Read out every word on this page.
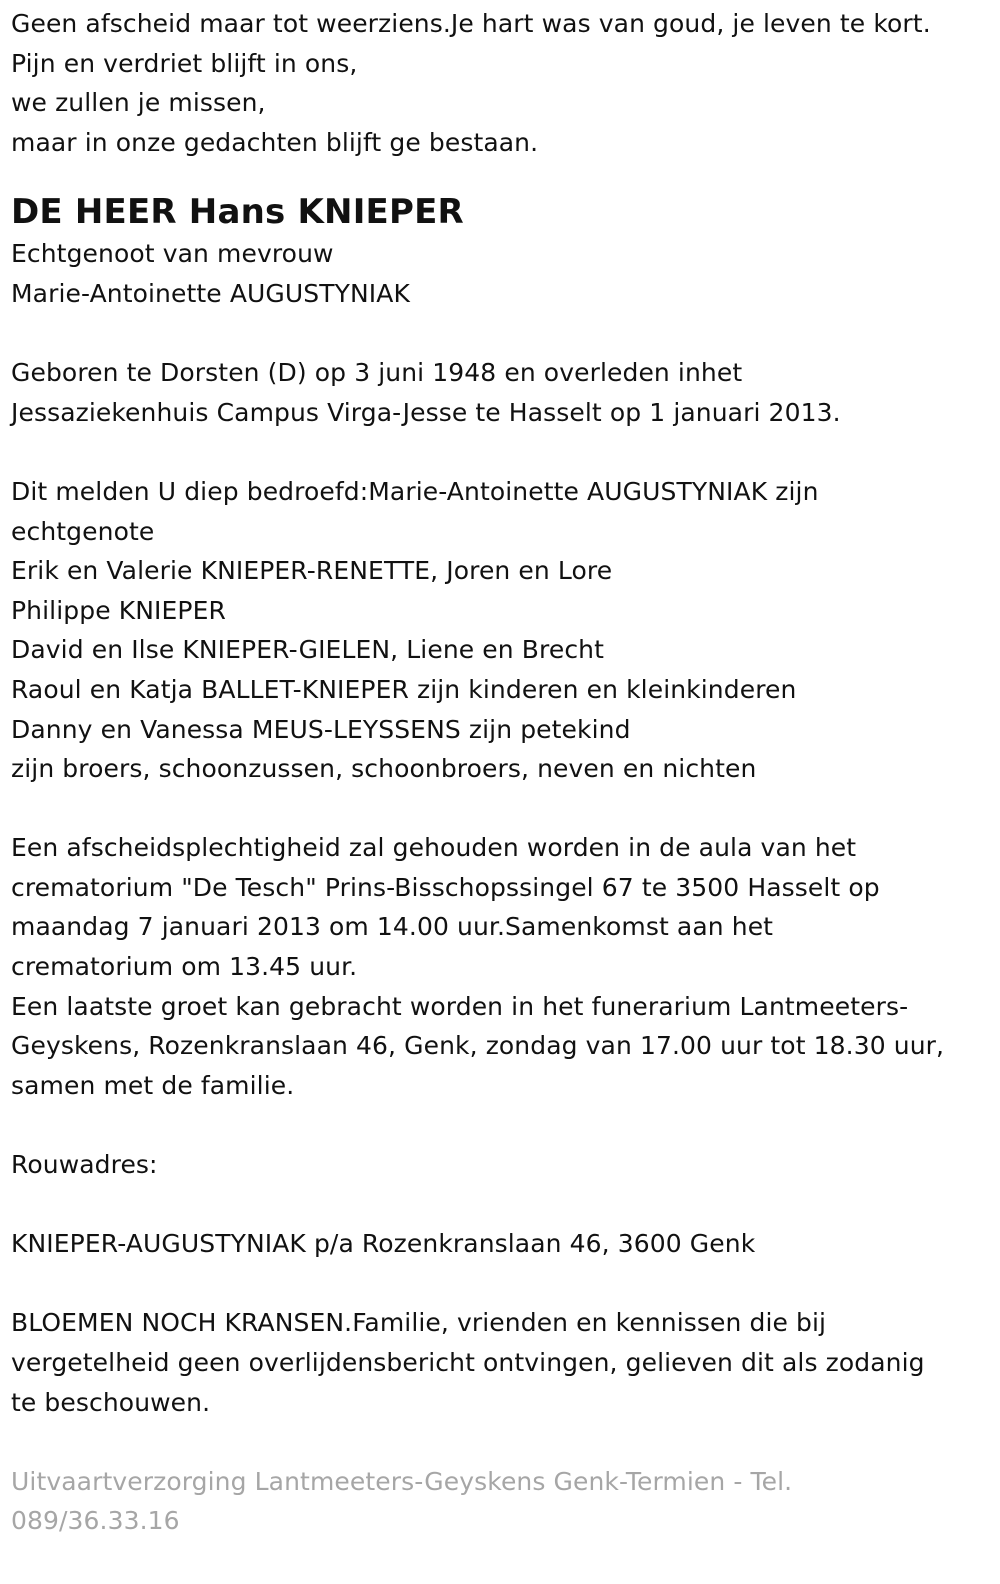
Geen afscheid maar tot weerziens.Je hart was van goud, je leven te kort.
Pijn en verdriet blijft in ons,
we zullen je missen,
maar in onze gedachten blijft ge bestaan.
DE HEER Hans KNIEPER
Echtgenoot van mevrouw
Marie-Antoinette AUGUSTYNIAK
Geboren te Dorsten (D) op 3 juni 1948 en overleden inhet
Jessaziekenhuis Campus Virga-Jesse te Hasselt op 1 januari 2013.
Dit melden U diep bedroefd:Marie-Antoinette AUGUSTYNIAK zijn
echtgenote
Erik en Valerie KNIEPER-RENETTE, Joren en Lore
Philippe KNIEPER
David en Ilse KNIEPER-GIELEN, Liene en Brecht
Raoul en Katja BALLET-KNIEPER zijn kinderen en kleinkinderen
Danny en Vanessa MEUS-LEYSSENS zijn petekind
zijn broers, schoonzussen, schoonbroers, neven en nichten
Een afscheidsplechtigheid zal gehouden worden in de aula van het
crematorium "De Tesch" Prins-Bisschopssingel 67 te 3500 Hasselt op
maandag 7 januari 2013 om 14.00 uur.Samenkomst aan het
crematorium om 13.45 uur.
Een laatste groet kan gebracht worden in het funerarium Lantmeeters-
Geyskens, Rozenkranslaan 46, Genk, zondag van 17.00 uur tot 18.30 uur,
samen met de familie.
Rouwadres:
KNIEPER-AUGUSTYNIAK p/a Rozenkranslaan 46, 3600 Genk
BLOEMEN NOCH KRANSEN.Familie, vrienden en kennissen die bij
vergetelheid geen overlijdensbericht ontvingen, gelieven dit als zodanig
te beschouwen.
Uitvaartverzorging Lantmeeters-Geyskens Genk-Termien - Tel.
089/36.33.16
